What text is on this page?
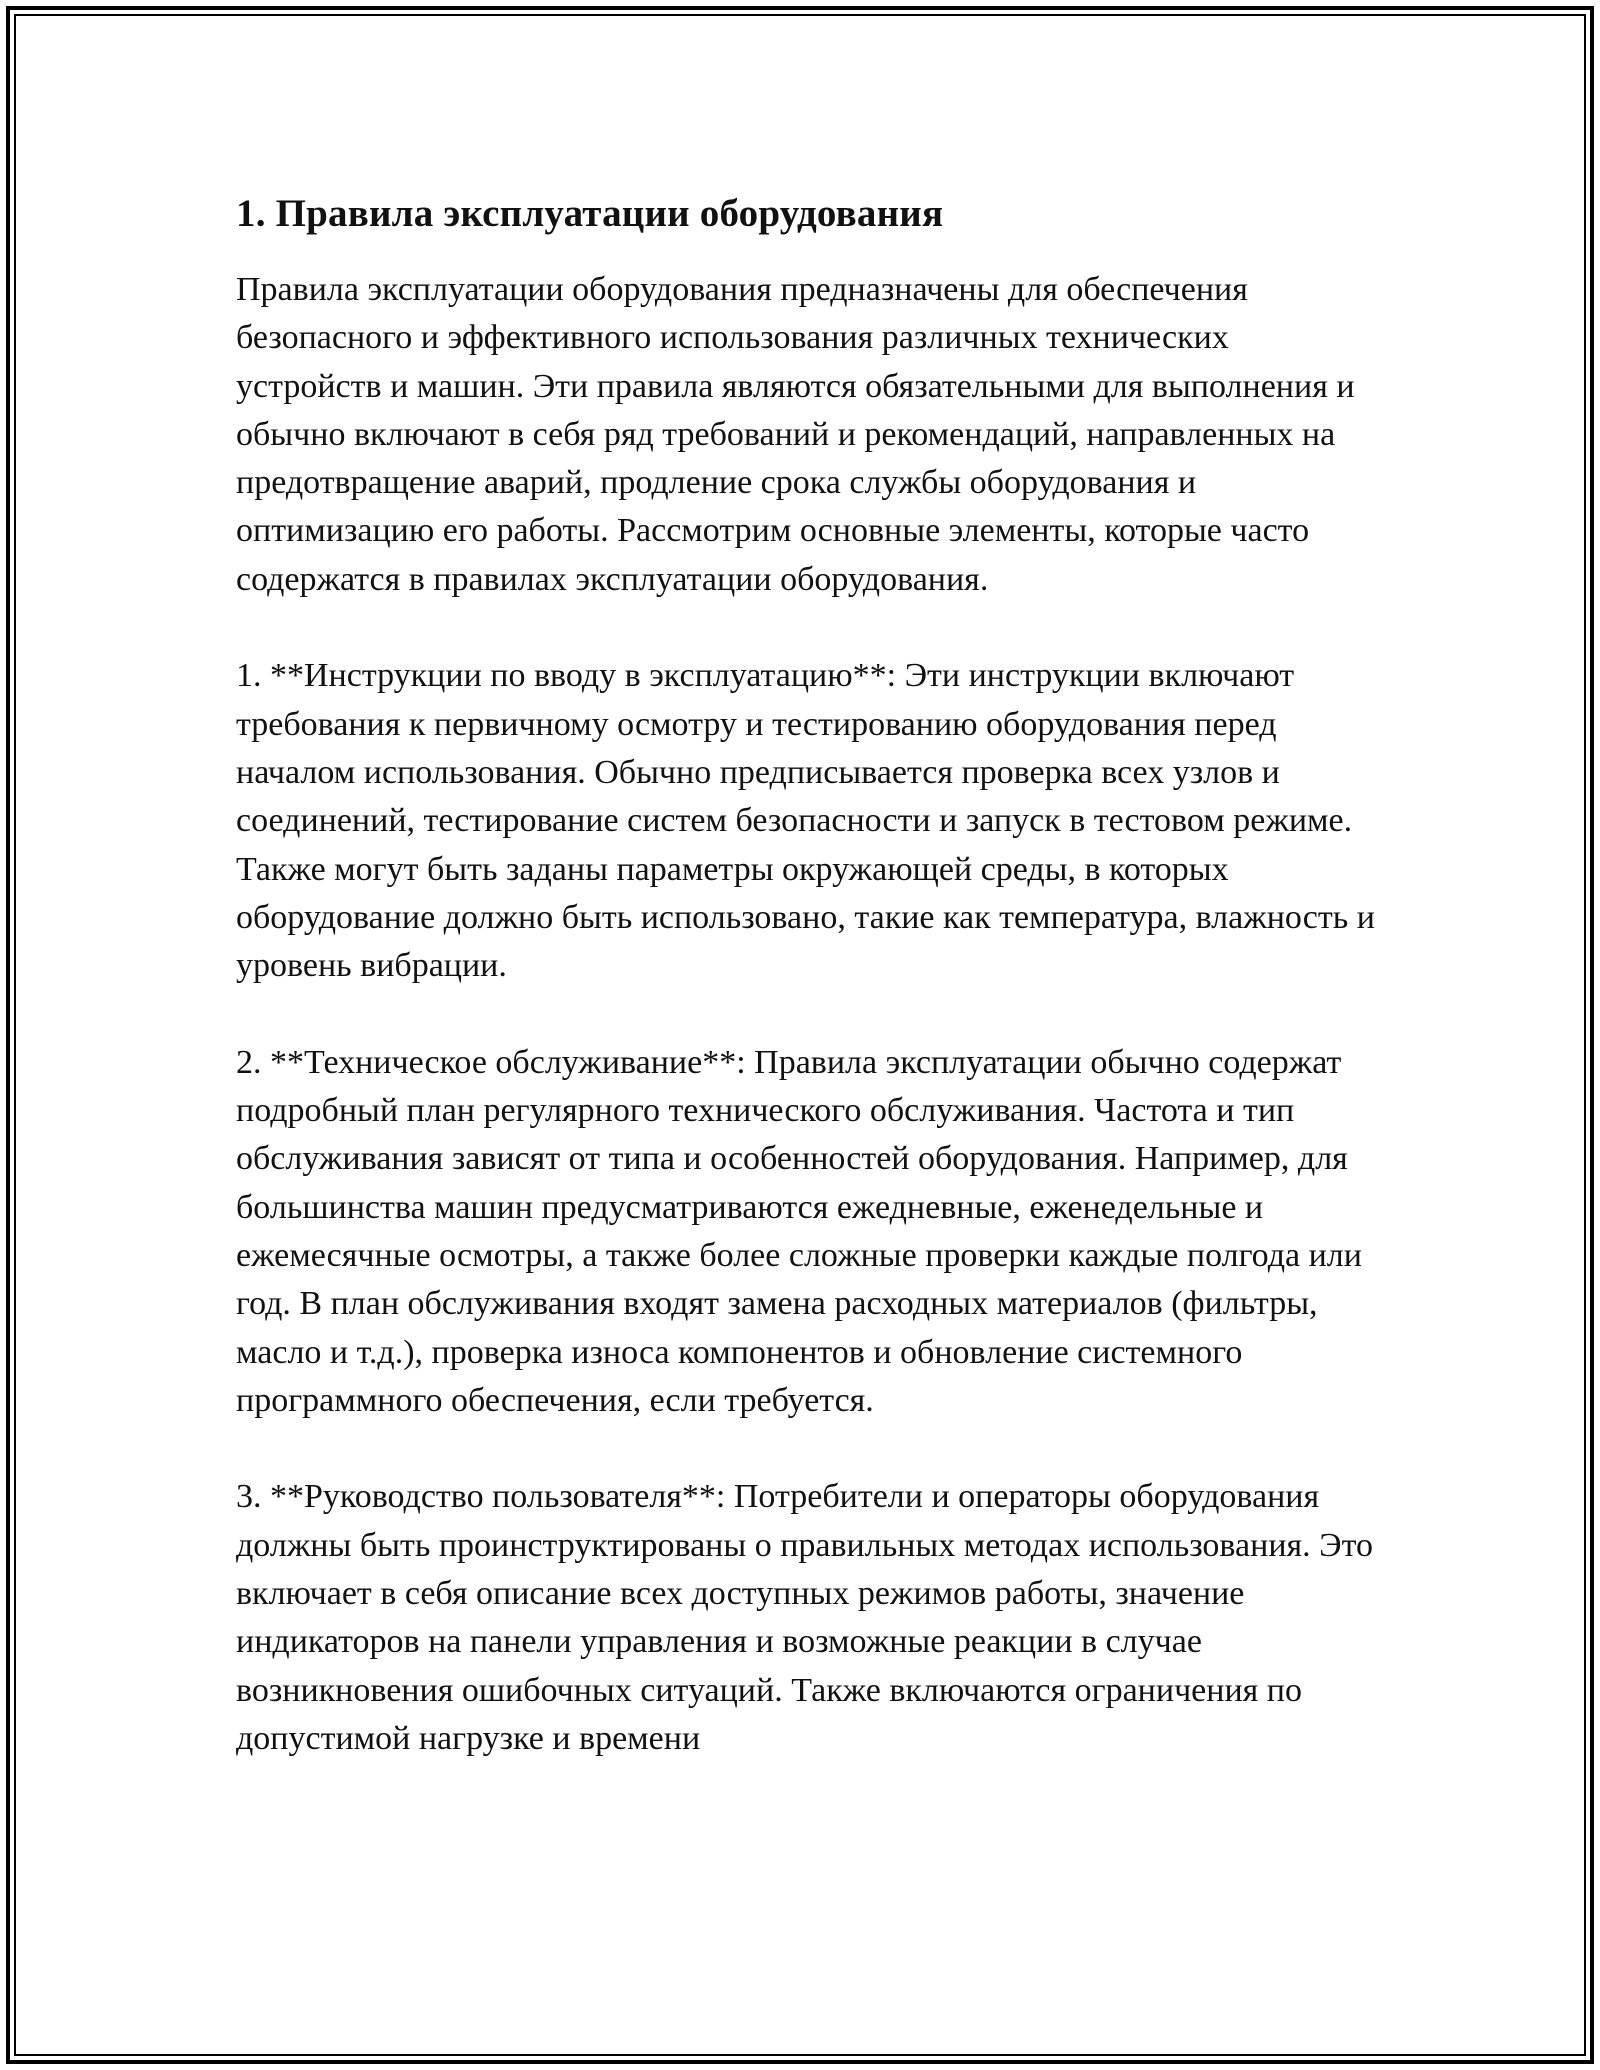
1. Правила эксплуатации оборудования

Правила эксплуатации оборудования предназначены для обеспечения безопасного и эффективного использования различных технических устройств и машин. Эти правила являются обязательными для выполнения и обычно включают в себя ряд требований и рекомендаций, направленных на предотвращение аварий, продление срока службы оборудования и оптимизацию его работы. Рассмотрим основные элементы, которые часто содержатся в правилах эксплуатации оборудования.

1. **Инструкции по вводу в эксплуатацию**: Эти инструкции включают требования к первичному осмотру и тестированию оборудования перед началом использования. Обычно предписывается проверка всех узлов и соединений, тестирование систем безопасности и запуск в тестовом режиме. Также могут быть заданы параметры окружающей среды, в которых оборудование должно быть использовано, такие как температура, влажность и уровень вибрации.

2. **Техническое обслуживание**: Правила эксплуатации обычно содержат подробный план регулярного технического обслуживания. Частота и тип обслуживания зависят от типа и особенностей оборудования. Например, для большинства машин предусматриваются ежедневные, еженедельные и ежемесячные осмотры, а также более сложные проверки каждые полгода или год. В план обслуживания входят замена расходных материалов (фильтры, масло и т.д.), проверка износа компонентов и обновление системного программного обеспечения, если требуется.

3. **Руководство пользователя**: Потребители и операторы оборудования должны быть проинструктированы о правильных методах использования. Это включает в себя описание всех доступных режимов работы, значение индикаторов на панели управления и возможные реакции в случае возникновения ошибочных ситуаций. Также включаются ограничения по допустимой нагрузке и времени
